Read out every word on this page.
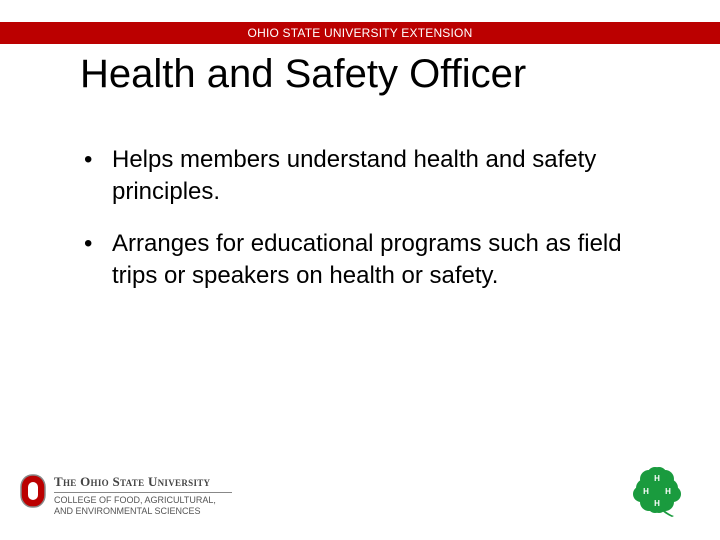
OHIO STATE UNIVERSITY EXTENSION
Health and Safety Officer
• Helps members understand health and safety principles.
• Arranges for educational programs such as field trips or speakers on health or safety.
The Ohio State University
COLLEGE OF FOOD, AGRICULTURAL,
AND ENVIRONMENTAL SCIENCES
H
H H
H
